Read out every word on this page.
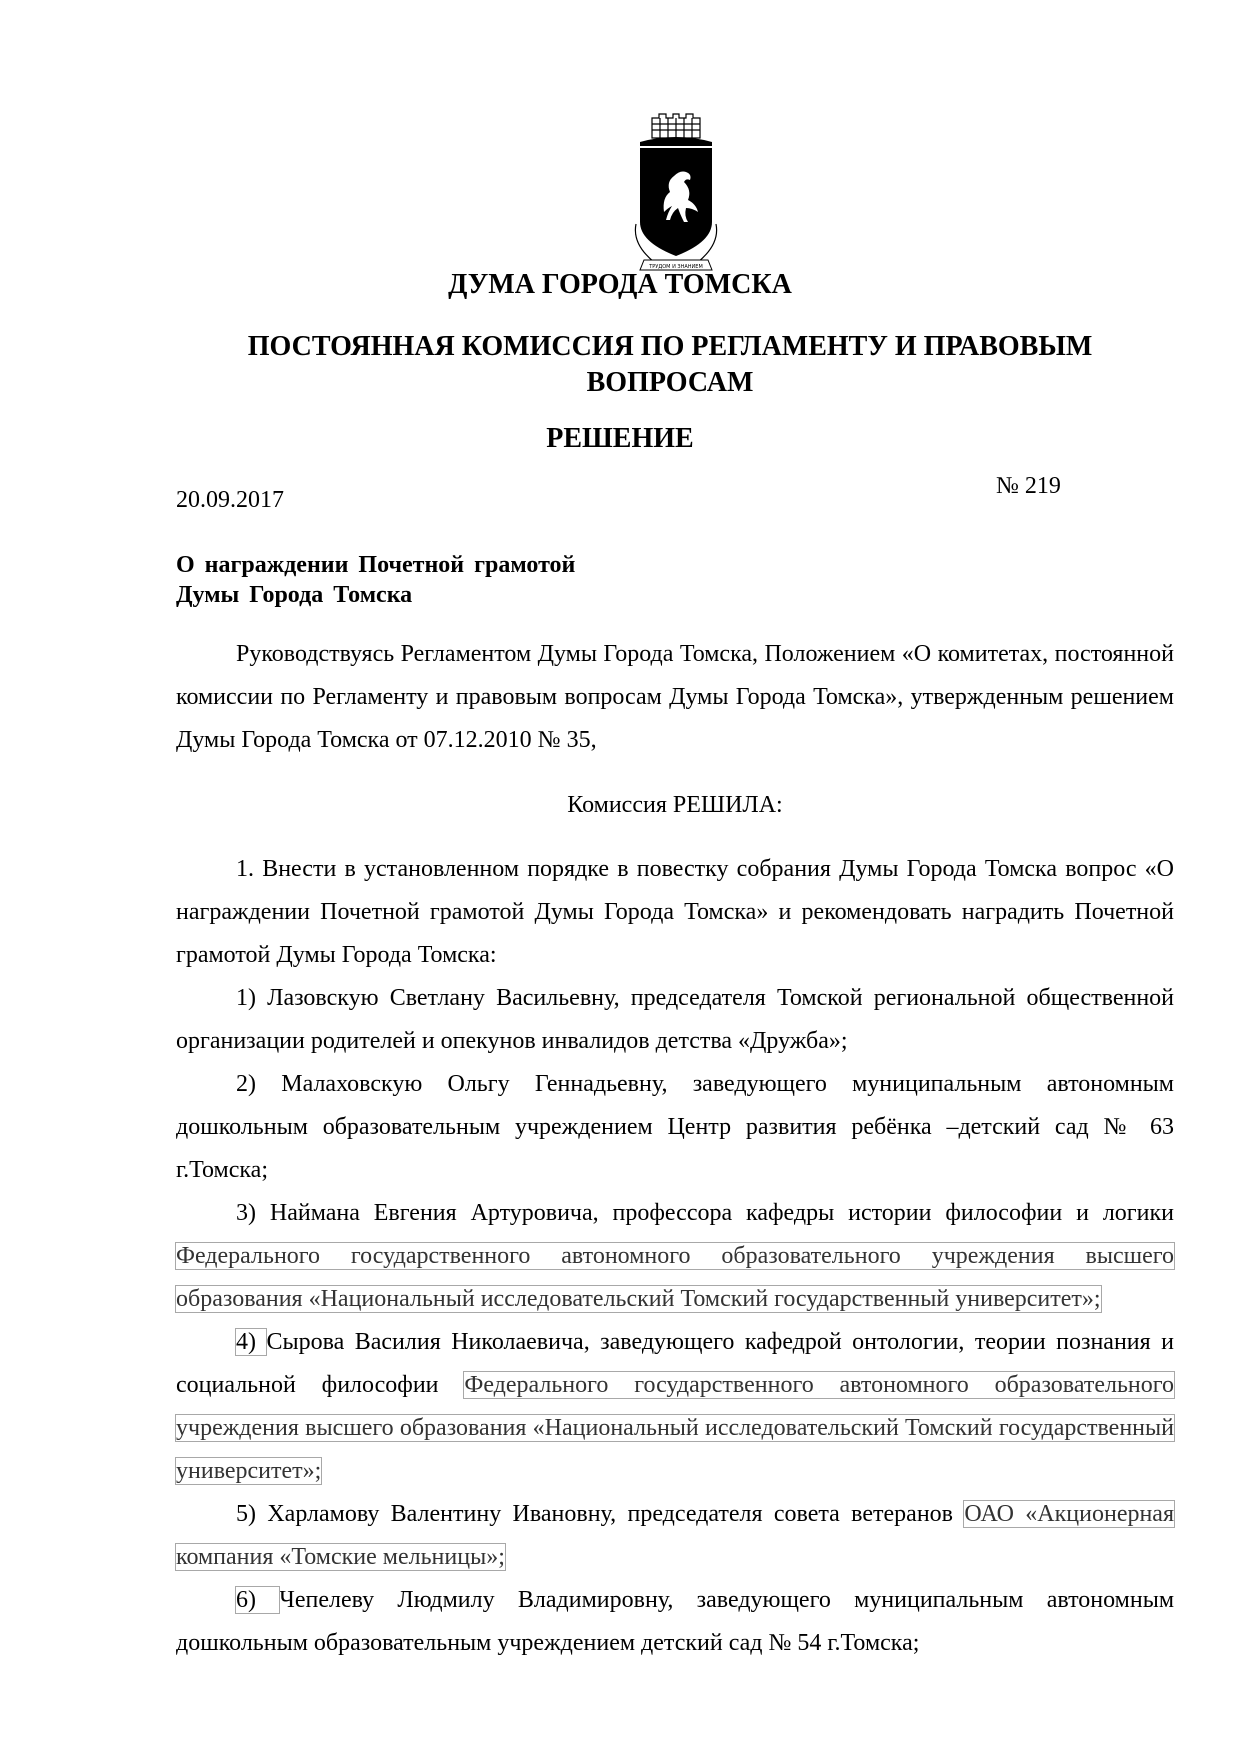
ТРУДОМ И ЗНАНИЕМ
ДУМА ГОРОДА ТОМСКА
ПОСТОЯННАЯ КОМИССИЯ ПО РЕГЛАМЕНТУ И ПРАВОВЫМ ВОПРОСАМ
РЕШЕНИЕ
20.09.2017
№ 219
О награждении Почетной грамотой
Думы Города Томска

Руководствуясь Регламентом Думы Города Томска, Положением «О комитетах, постоянной комиссии по Регламенту и правовым вопросам Думы Города Томска», утвержденным решением Думы Города Томска от 07.12.2010 № 35,

Комиссия РЕШИЛА:

1. Внести в установленном порядке в повестку собрания Думы Города Томска вопрос «О награждении Почетной грамотой Думы Города Томска» и рекомендовать наградить Почетной грамотой Думы Города Томска:

1) Лазовскую Светлану Васильевну, председателя Томской региональной общественной организации родителей и опекунов инвалидов детства «Дружба»;

2) Малаховскую Ольгу Геннадьевну, заведующего муниципальным автономным дошкольным образовательным учреждением Центр развития ребёнка –детский сад № 63 г.Томска;

3) Наймана Евгения Артуровича, профессора кафедры истории философии и логики Федерального государственного автономного образовательного учреждения высшего образования «Национальный исследовательский Томский государственный университет»;

4) Сырова Василия Николаевича, заведующего кафедрой онтологии, теории познания и социальной философии Федерального государственного автономного образовательного учреждения высшего образования «Национальный исследовательский Томский государственный университет»;

5) Харламову Валентину Ивановну, председателя совета ветеранов ОАО «Акционерная компания «Томские мельницы»;

6) Чепелеву Людмилу Владимировну, заведующего муниципальным автономным дошкольным образовательным учреждением детский сад № 54 г.Томска;
